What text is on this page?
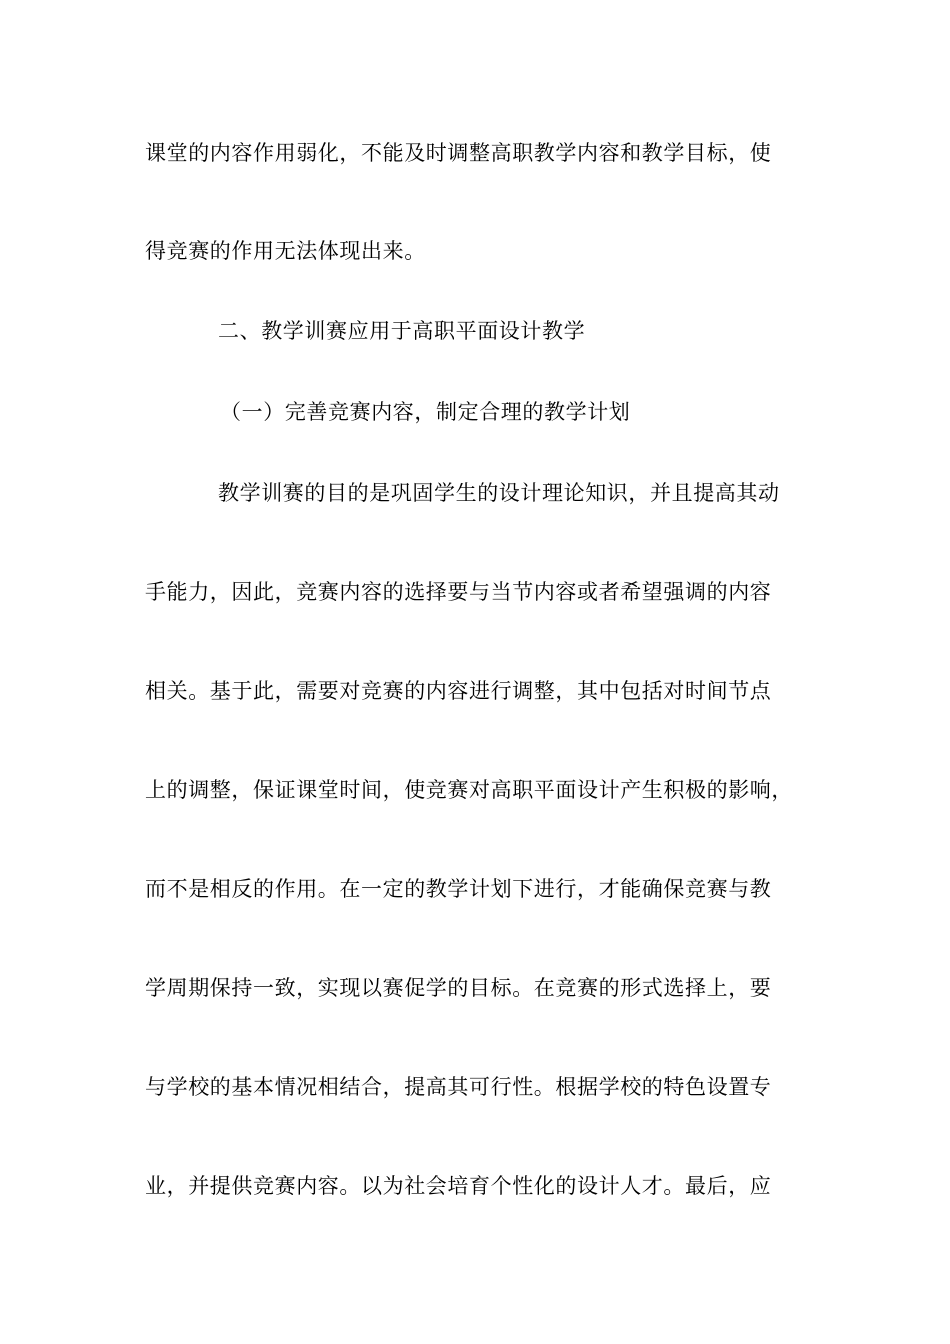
课堂的内容作用弱化，不能及时调整高职教学内容和教学目标，使
得竞赛的作用无法体现出来。
二、教学训赛应用于高职平面设计教学
（一）完善竞赛内容，制定合理的教学计划
教学训赛的目的是巩固学生的设计理论知识，并且提高其动
手能力，因此，竞赛内容的选择要与当节内容或者希望强调的内容
相关。基于此，需要对竞赛的内容进行调整，其中包括对时间节点
上的调整，保证课堂时间，使竞赛对高职平面设计产生积极的影响，
而不是相反的作用。在一定的教学计划下进行，才能确保竞赛与教
学周期保持一致，实现以赛促学的目标。在竞赛的形式选择上，要
与学校的基本情况相结合，提高其可行性。根据学校的特色设置专
业，并提供竞赛内容。以为社会培育个性化的设计人才。最后，应
